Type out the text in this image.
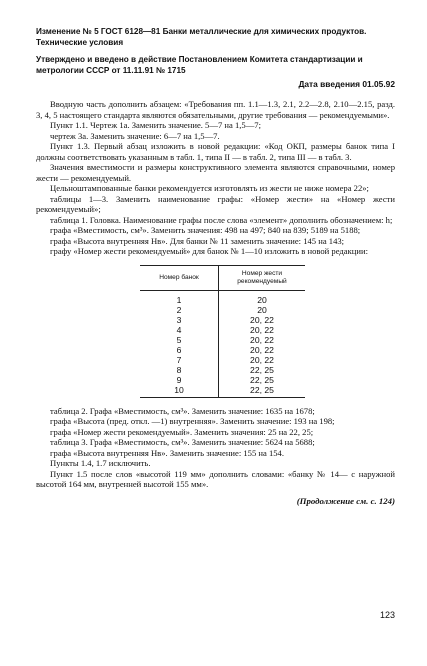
Изменение № 5 ГОСТ 6128—81 Банки металлические для химических продуктов.
Технические условия
Утверждено и введено в действие Постановлением Комитета стандартизации и
метрологии СССР от 11.11.91 № 1715
Дата введения 01.05.92

Вводную часть дополнить абзацем: «Требования пп. 1.1—1.3, 2.1, 2.2—2.8, 2.10—2.15, разд. 3, 4, 5 настоящего стандарта являются обязательными, другие требования — рекомендуемыми».

Пункт 1.1. Чертеж 1а. Заменить значение. 5—7 на 1,5—7;

чертеж 3а. Заменить значение: 6—7 на 1,5—7.

Пункт 1.3. Первый абзац изложить в новой редакции: «Код ОКП, размеры банок типа I должны соответствовать указанным в табл. 1, типа II — в табл. 2, типа III — в табл. 3.

Значения вместимости и размеры конструктивного элемента являются справочными, номер жести — рекомендуемый.

Цельноштампованные банки рекомендуется изготовлять из жести не ниже номера 22»;

таблицы 1—3. Заменить наименование графы: «Номер жести» на «Номер жести рекомендуемый»;

таблица 1. Головка. Наименование графы после слова «элемент» дополнить обозначением: h;

графа «Вместимость, см³». Заменить значения: 498 на 497; 840 на 839; 5189 на 5188;

графа «Высота внутренняя Hв». Для банки № 11 заменить значение: 145 на 143;

графу «Номер жести рекомендуемый» для банок № 1—10 изложить в новой редакции:

Номер банок	Номер жести рекомендуемый
1	20
2	20
3	20, 22
4	20, 22
5	20, 22
6	20, 22
7	20, 22
8	22, 25
9	22, 25
10	22, 25

таблица 2. Графа «Вместимость, см³». Заменить значение: 1635 на 1678;

графа «Высота (пред. откл. —1) внутренняя». Заменить значение: 193 на 198;

графа «Номер жести рекомендуемый». Заменить значения: 25 на 22, 25;

таблица 3. Графа «Вместимость, см³». Заменить значение: 5624 на 5688;

графа «Высота внутренняя Hв». Заменить значение: 155 на 154.

Пункты 1.4, 1.7 исключить.

Пункт 1.5 после слов «высотой 119 мм» дополнить словами: «банку № 14— с наружной высотой 164 мм, внутренней высотой 155 мм».

(Продолжение см. с. 124)
123
